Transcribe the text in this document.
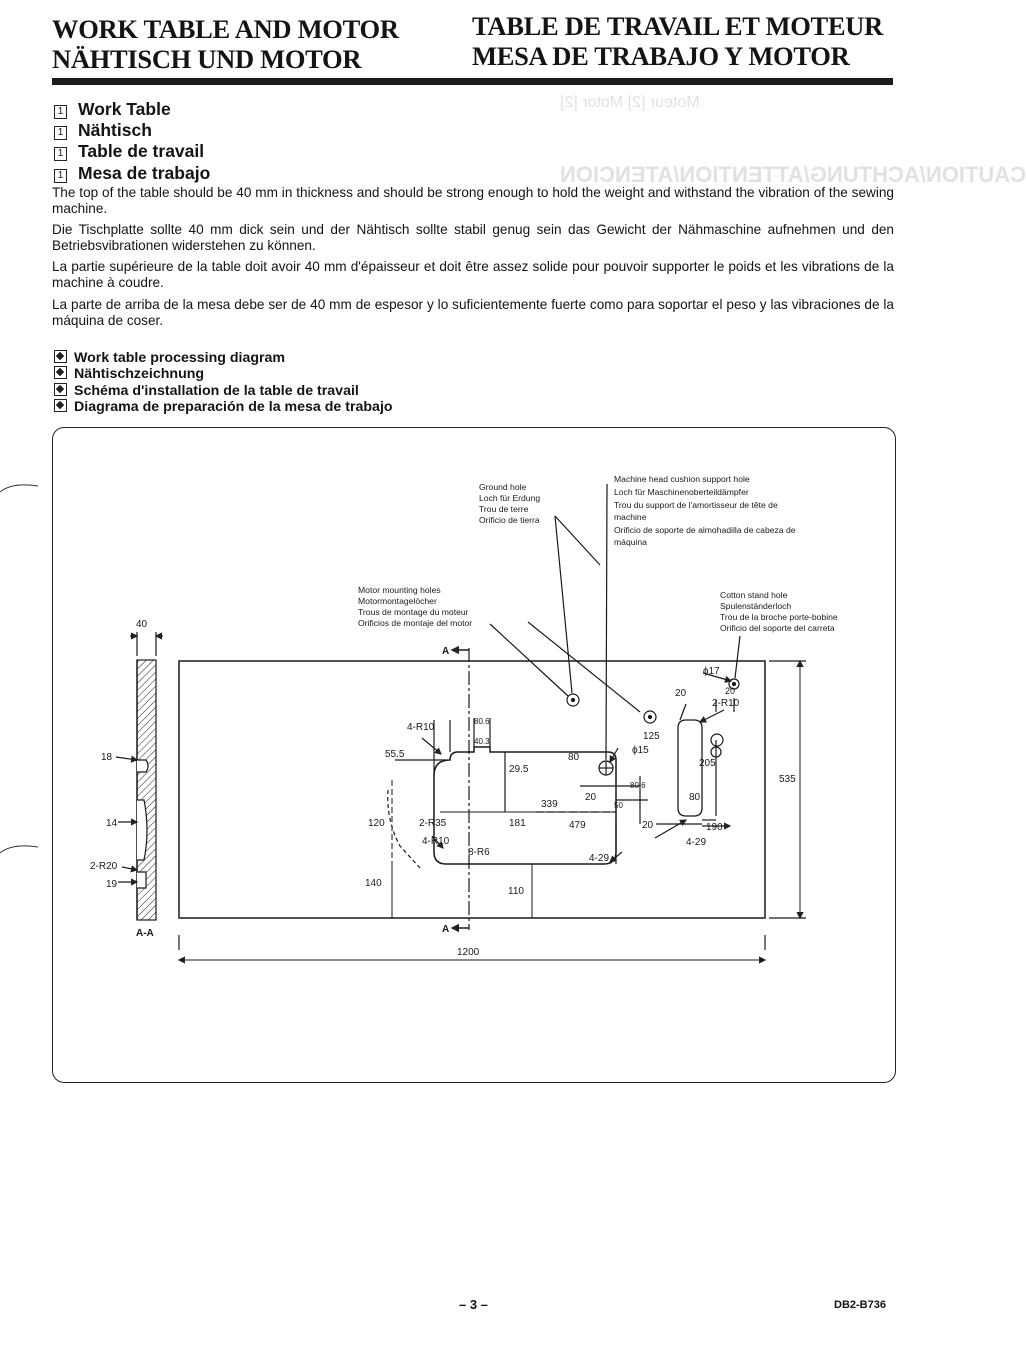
Moteur [2] Motor [2]
CAUTION/ACHTUNG/ATTENTION/ATENCION
WORK TABLE AND MOTOR
NÄHTISCH UND MOTOR
TABLE DE TRAVAIL ET MOTEUR
MESA DE TRABAJO Y MOTOR
1 Work Table
1 Nähtisch
1 Table de travail
1 Mesa de trabajo

The top of the table should be 40 mm in thickness and should be strong enough to hold the weight and withstand the vibration of the sewing machine.

Die Tischplatte sollte 40 mm dick sein und der Nähtisch sollte stabil genug sein das Gewicht der Nähmaschine aufnehmen und den Betriebsvibrationen widerstehen zu können.

La partie supérieure de la table doit avoir 40 mm d'épaisseur et doit être assez solide pour pouvoir supporter le poids et les vibrations de la machine à coudre.

La parte de arriba de la mesa debe ser de 40 mm de espesor y lo suficientemente fuerte como para soportar el peso y las vibraciones de la máquina de coser.

Work table processing diagram
Nähtischzeichnung
Schéma d'installation de la table de travail
Diagrama de preparación de la mesa de trabajo
Ground hole Loch für Erdung Trou de terre Orificio de tierra
Machine head cushion support hole Loch für Maschinenoberteildämpfer Trou du support de l'amortisseur de tête de machine Orificio de soporte de almohadilla de cabeza de máquina
Motor mounting holes Motormontagelöcher Trous de montage du moteur Orificios de montaje del motor
Cotton stand hole Spulenständerloch Trou de la broche porte-bobine Orificio del soporte del carreta
40
18
14
2-R20
19
A-A
4-R10
80.6
40.3
55.5
29.5
120	2-R35
4-R10
8-R6
140
110
181
339
479
20
50
80.6
80
125
ϕ15
20
205
80
20
4-29
4-29
190
535
ϕ17
20
2-R10
1200
A
A
– 3 –	DB2-B736
